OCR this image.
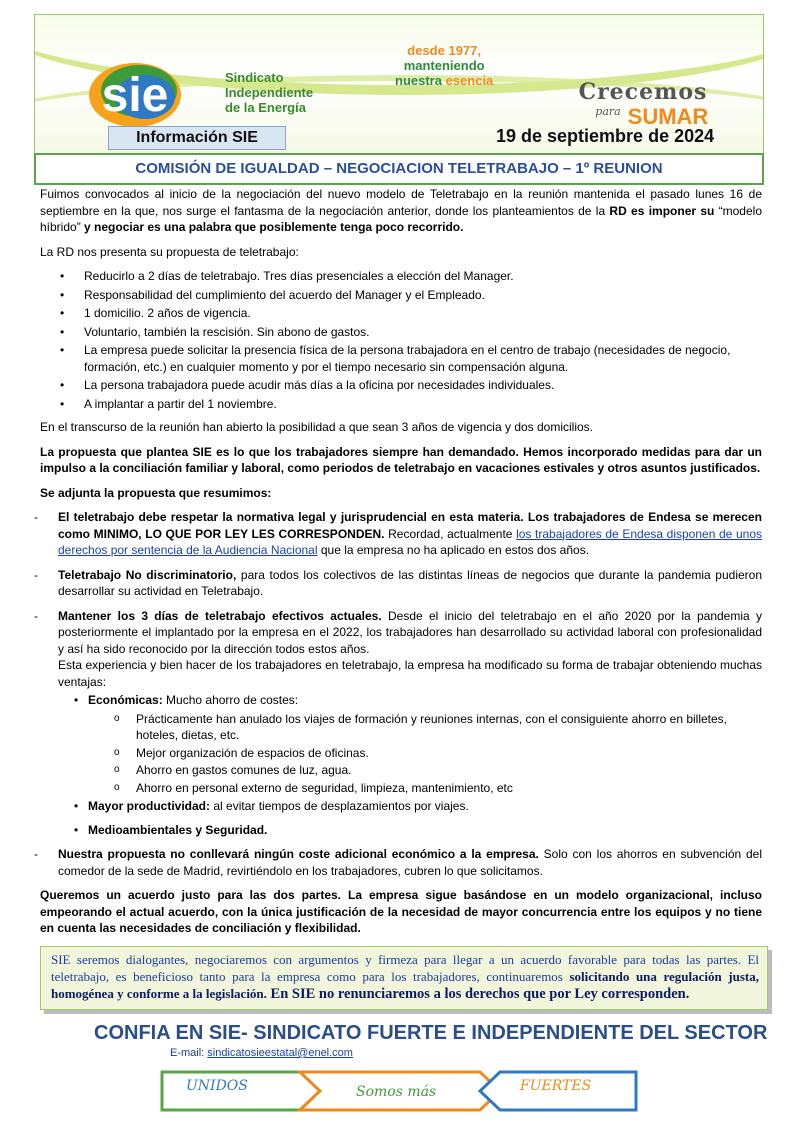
sie	Sindicato
Independiente
de la Energía
desde 1977,
manteniendo
nuestra esencia	Crecemos
para SUMAR
Información SIE	19 de septiembre de 2024
COMISIÓN DE IGUALDAD – NEGOCIACION TELETRABAJO – 1º REUNION

Fuimos convocados al inicio de la negociación del nuevo modelo de Teletrabajo en la reunión mantenida el pasado lunes 16 de septiembre en la que, nos surge el fantasma de la negociación anterior, donde los planteamientos de la RD es imponer su “modelo híbrido” y negociar es una palabra que posiblemente tenga poco recorrido.

La RD nos presenta su propuesta de teletrabajo:

• Reducirlo a 2 días de teletrabajo. Tres días presenciales a elección del Manager.
• Responsabilidad del cumplimiento del acuerdo del Manager y el Empleado.
• 1 domicilio. 2 años de vigencia.
• Voluntario, también la rescisión. Sin abono de gastos.
• La empresa puede solicitar la presencia física de la persona trabajadora en el centro de trabajo (necesidades de negocio, formación, etc.) en cualquier momento y por el tiempo necesario sin compensación alguna.
• La persona trabajadora puede acudir más días a la oficina por necesidades individuales.
• A implantar a partir del 1 noviembre.

En el transcurso de la reunión han abierto la posibilidad a que sean 3 años de vigencia y dos domicilios.

La propuesta que plantea SIE es lo que los trabajadores siempre han demandado. Hemos incorporado medidas para dar un impulso a la conciliación familiar y laboral, como periodos de teletrabajo en vacaciones estivales y otros asuntos justificados.

Se adjunta la propuesta que resumimos:

- El teletrabajo debe respetar la normativa legal y jurisprudencial en esta materia. Los trabajadores de Endesa se merecen como MINIMO, LO QUE POR LEY LES CORRESPONDEN. Recordad, actualmente los trabajadores de Endesa disponen de unos derechos por sentencia de la Audiencia Nacional que la empresa no ha aplicado en estos dos años.
- Teletrabajo No discriminatorio, para todos los colectivos de las distintas líneas de negocios que durante la pandemia pudieron desarrollar su actividad en Teletrabajo.
- Mantener los 3 días de teletrabajo efectivos actuales. Desde el inicio del teletrabajo en el año 2020 por la pandemia y posteriormente el implantado por la empresa en el 2022, los trabajadores han desarrollado su actividad laboral con profesionalidad y así ha sido reconocido por la dirección todos estos años.
Esta experiencia y bien hacer de los trabajadores en teletrabajo, la empresa ha modificado su forma de trabajar obteniendo muchas ventajas:
• Económicas: Mucho ahorro de costes:
o Prácticamente han anulado los viajes de formación y reuniones internas, con el consiguiente ahorro en billetes, hoteles, dietas, etc.
o Mejor organización de espacios de oficinas.
o Ahorro en gastos comunes de luz, agua.
o Ahorro en personal externo de seguridad, limpieza, mantenimiento, etc
• Mayor productividad: al evitar tiempos de desplazamientos por viajes.
• Medioambientales y Seguridad.
- Nuestra propuesta no conllevará ningún coste adicional económico a la empresa. Solo con los ahorros en subvención del comedor de la sede de Madrid, revirtiéndolo en los trabajadores, cubren lo que solicitamos.

Queremos un acuerdo justo para las dos partes. La empresa sigue basándose en un modelo organizacional, incluso empeorando el actual acuerdo, con la única justificación de la necesidad de mayor concurrencia entre los equipos y no tiene en cuenta las necesidades de conciliación y flexibilidad.

SIE seremos dialogantes, negociaremos con argumentos y firmeza para llegar a un acuerdo favorable para todas las partes. El teletrabajo, es beneficioso tanto para la empresa como para los trabajadores, continuaremos solicitando una regulación justa, homogénea y conforme a la legislación. En SIE no renunciaremos a los derechos que por Ley corresponden.
CONFIA EN SIE- SINDICATO FUERTE E INDEPENDIENTE DEL SECTOR
E-mail: sindicatosieestatal@enel.com
UNIDOS	Somos más	FUERTES
